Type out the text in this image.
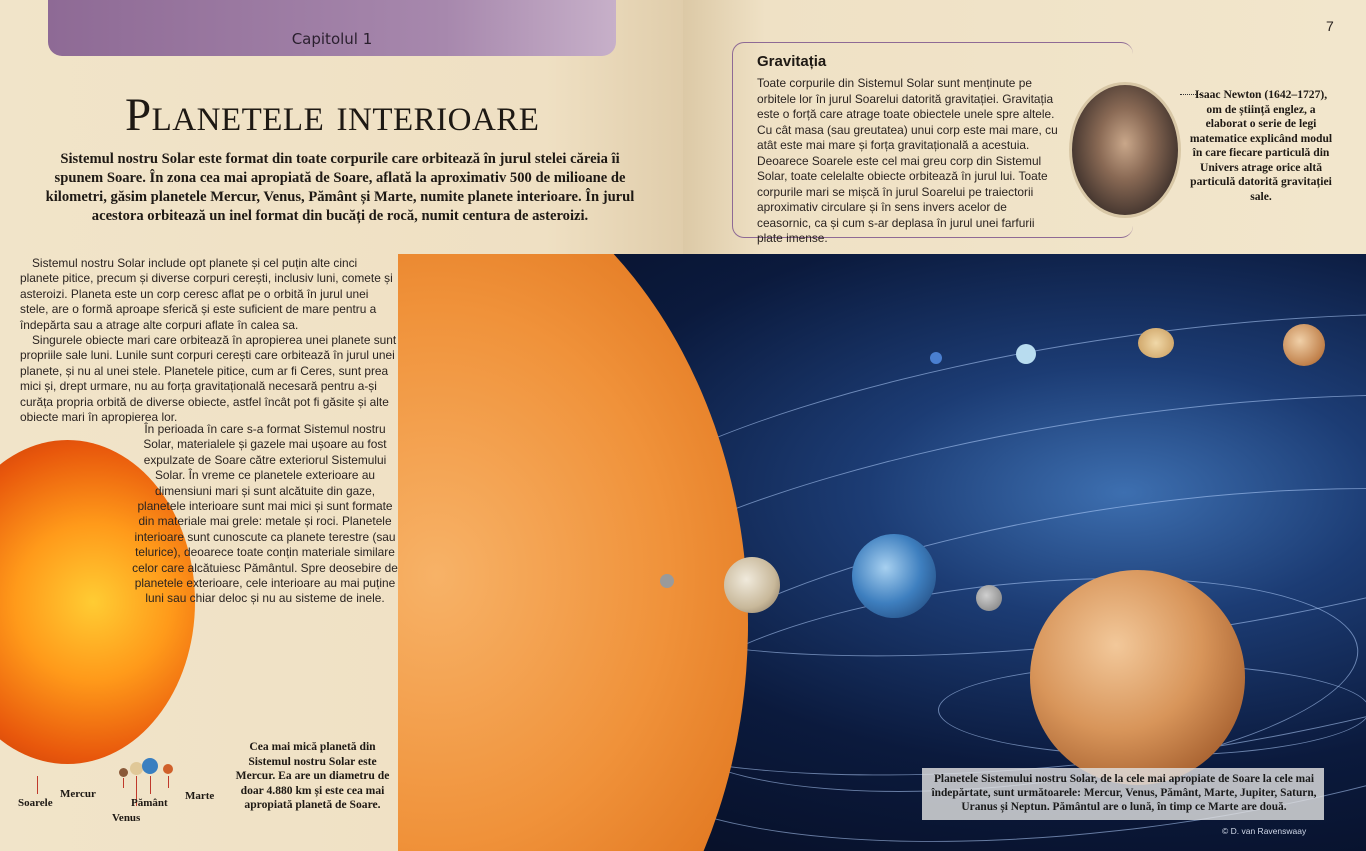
Capitolul 1
7
Planetele interioare
Sistemul nostru Solar este format din toate corpurile care orbitează în jurul stelei căreia îi spunem Soare. În zona cea mai apropiată de Soare, aflată la aproximativ 500 de milioane de kilometri, găsim planetele Mercur, Venus, Pământ și Marte, numite planete interioare. În jurul acestora orbitează un inel format din bucăți de rocă, numit centura de asteroizi.

Sistemul nostru Solar include opt planete și cel puțin alte cinci planete pitice, precum și diverse corpuri cerești, inclusiv luni, comete și asteroizi. Planeta este un corp ceresc aflat pe o orbită în jurul unei stele, are o formă aproape sferică și este suficient de mare pentru a îndepărta sau a atrage alte corpuri aflate în calea sa.

Singurele obiecte mari care orbitează în apropierea unei planete sunt propriile sale luni. Lunile sunt corpuri cerești care orbitează în jurul unei planete, și nu al unei stele. Planetele pitice, cum ar fi Ceres, sunt prea mici și, drept urmare, nu au forța gravitațională necesară pentru a-și curăța propria orbită de diverse obiecte, astfel încât pot fi găsite și alte obiecte mari în apropierea lor.

În perioada în care s-a format Sistemul nostru Solar, materialele și gazele mai ușoare au fost expulzate de Soare către exteriorul Sistemului Solar. În vreme ce planetele exterioare au dimensiuni mari și sunt alcătuite din gaze, planetele interioare sunt mai mici și sunt formate din materiale mai grele: metale și roci. Planetele interioare sunt cunoscute ca planete terestre (sau telurice), deoarece toate conțin materiale similare celor care alcătuiesc Pământul. Spre deosebire de planetele exterioare, cele interioare au mai puține luni sau chiar deloc și nu au sisteme de inele.
Gravitația
Toate corpurile din Sistemul Solar sunt menținute pe orbitele lor în jurul Soarelui datorită gravitației. Gravitația este o forță care atrage toate obiectele unele spre altele. Cu cât masa (sau greutatea) unui corp este mai mare, cu atât este mai mare și forța gravitațională a acestuia. Deoarece Soarele este cel mai greu corp din Sistemul Solar, toate celelalte obiecte orbitează în jurul lui. Toate corpurile mari se mișcă în jurul Soarelui pe traiectorii aproximativ circulare și în sens invers acelor de ceasornic, ca și cum s-ar deplasa în jurul unei farfurii plate imense.
Isaac Newton (1642–1727), om de știință englez, a elaborat o serie de legi matematice explicând modul în care fiecare particulă din Univers atrage orice altă particulă datorită gravitației sale.
Cea mai mică planetă din Sistemul nostru Solar este Mercur. Ea are un diametru de doar 4.880 km și este cea mai apropiată planetă de Soare.
Soarele
Mercur
Venus
Pământ
Marte
Planetele Sistemului nostru Solar, de la cele mai apropiate de Soare la cele mai îndepărtate, sunt următoarele: Mercur, Venus, Pământ, Marte, Jupiter, Saturn, Uranus și Neptun. Pământul are o lună, în timp ce Marte are două.
© D. van Ravenswaay
